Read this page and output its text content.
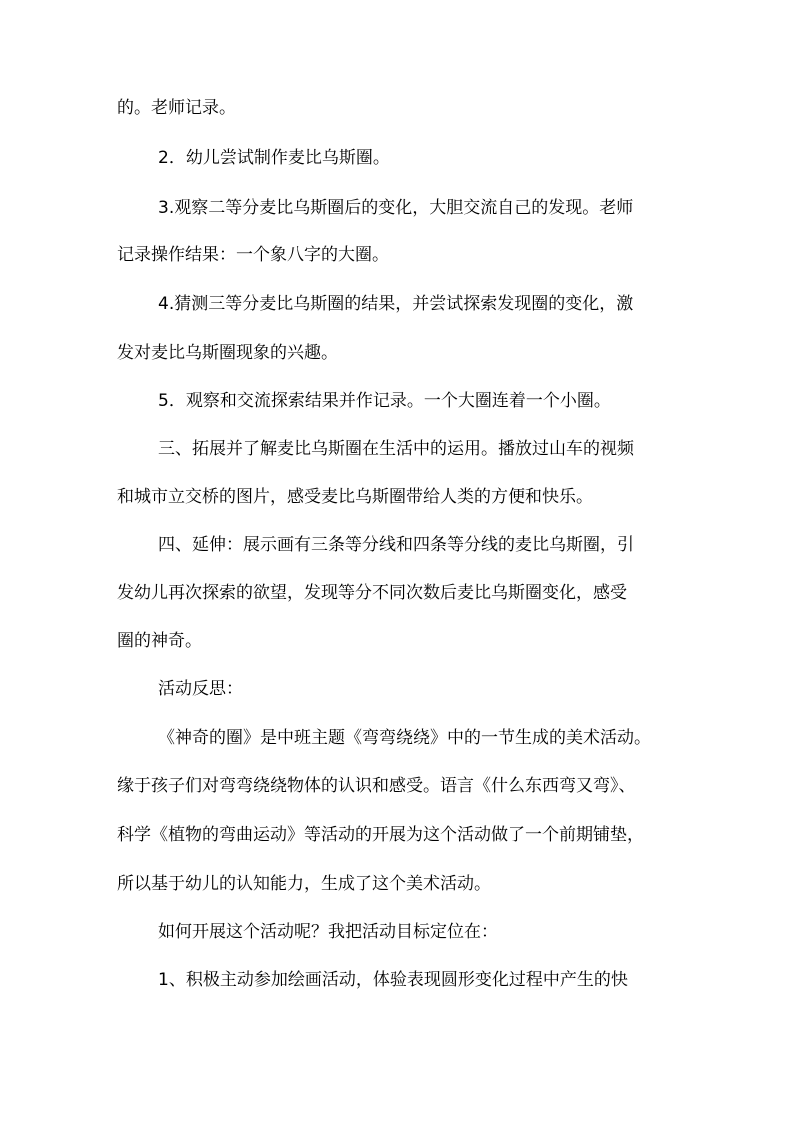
的。老师记录。
2．幼儿尝试制作麦比乌斯圈。
3.观察二等分麦比乌斯圈后的变化，大胆交流自己的发现。老师
记录操作结果：一个象八字的大圈。
4.猜测三等分麦比乌斯圈的结果，并尝试探索发现圈的变化，激
发对麦比乌斯圈现象的兴趣。
5．观察和交流探索结果并作记录。一个大圈连着一个小圈。
三、拓展并了解麦比乌斯圈在生活中的运用。播放过山车的视频
和城市立交桥的图片，感受麦比乌斯圈带给人类的方便和快乐。
四、延伸：展示画有三条等分线和四条等分线的麦比乌斯圈，引
发幼儿再次探索的欲望，发现等分不同次数后麦比乌斯圈变化，感受
圈的神奇。
活动反思：
《神奇的圈》是中班主题《弯弯绕绕》中的一节生成的美术活动。
缘于孩子们对弯弯绕绕物体的认识和感受。语言《什么东西弯又弯》、
科学《植物的弯曲运动》等活动的开展为这个活动做了一个前期铺垫，
所以基于幼儿的认知能力，生成了这个美术活动。
如何开展这个活动呢？我把活动目标定位在：
1、积极主动参加绘画活动，体验表现圆形变化过程中产生的快
